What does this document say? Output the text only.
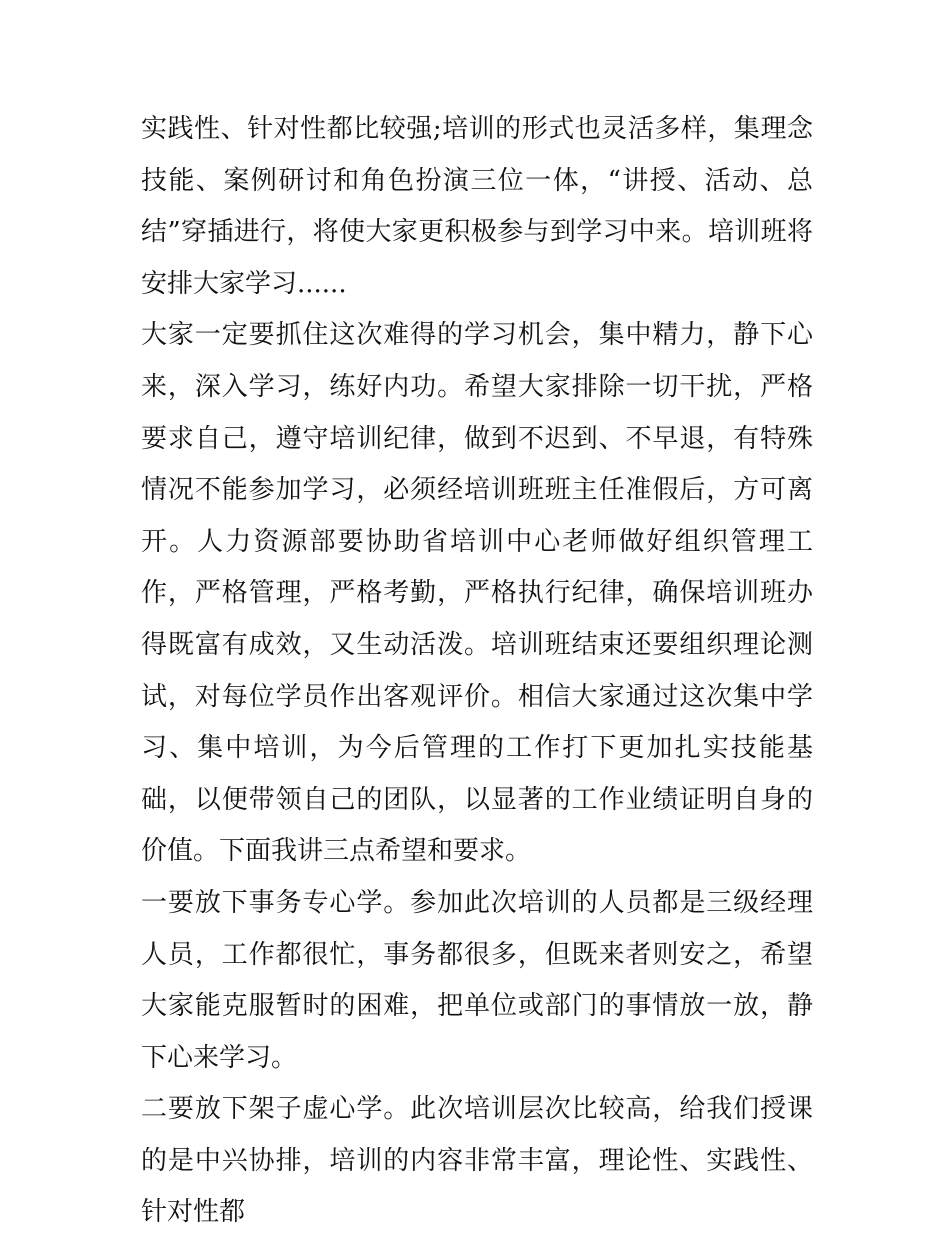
实践性、针对性都比较强;培训的形式也灵活多样，集理念技能、案例研讨和角色扮演三位一体，“讲授、活动、总结”穿插进行，将使大家更积极参与到学习中来。培训班将安排大家学习......

大家一定要抓住这次难得的学习机会，集中精力，静下心来，深入学习，练好内功。希望大家排除一切干扰，严格要求自己，遵守培训纪律，做到不迟到、不早退，有特殊情况不能参加学习，必须经培训班班主任准假后，方可离开。人力资源部要协助省培训中心老师做好组织管理工作，严格管理，严格考勤，严格执行纪律，确保培训班办得既富有成效，又生动活泼。培训班结束还要组织理论测试，对每位学员作出客观评价。相信大家通过这次集中学习、集中培训，为今后管理的工作打下更加扎实技能基础，以便带领自己的团队，以显著的工作业绩证明自身的价值。下面我讲三点希望和要求。

一要放下事务专心学。参加此次培训的人员都是三级经理人员，工作都很忙，事务都很多，但既来者则安之，希望大家能克服暂时的困难，把单位或部门的事情放一放，静下心来学习。

二要放下架子虚心学。此次培训层次比较高，给我们授课的是中兴协排，培训的内容非常丰富，理论性、实践性、针对性都
